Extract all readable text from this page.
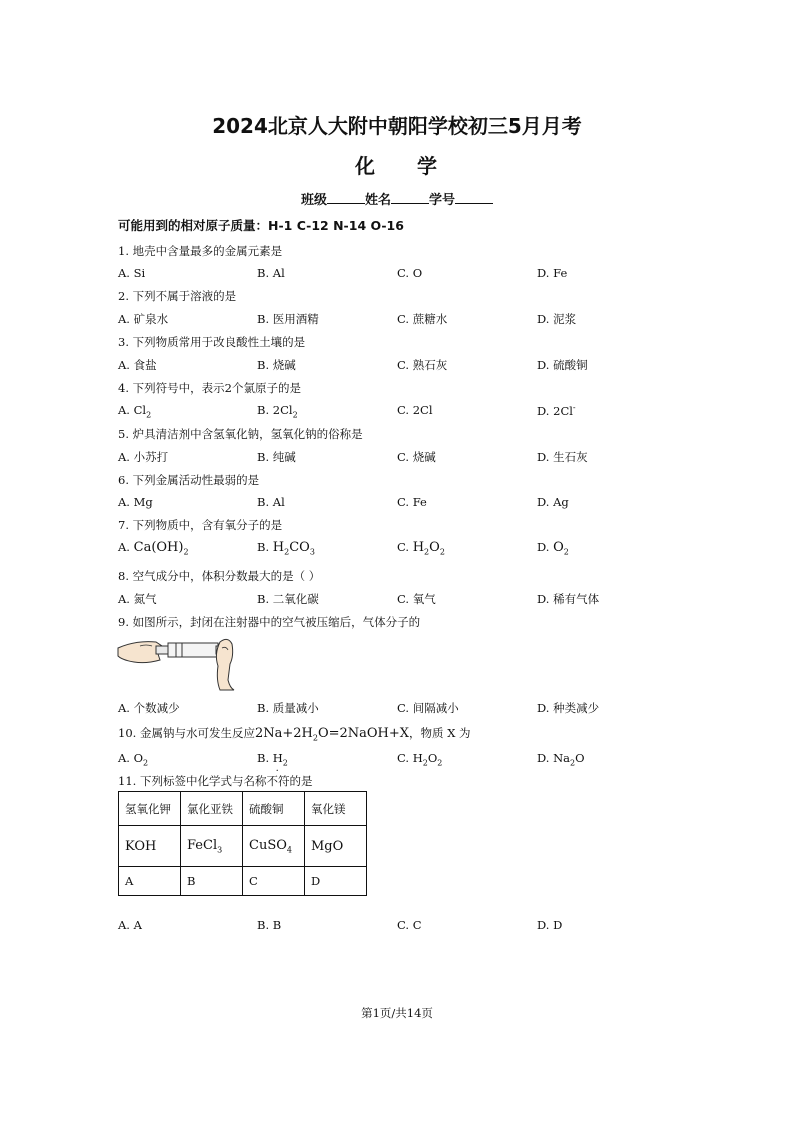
2024北京人大附中朝阳学校初三5月月考
化 学
班级	姓名	学号
可能用到的相对原子质量：H-1 C-12 N-14 O-16
1. 地壳中含量最多的金属元素是
A. Si	B. Al	C. O	D. Fe
2. 下列不属于溶液的是
A. 矿泉水	B. 医用酒精	C. 蔗糖水	D. 泥浆
3. 下列物质常用于改良酸性土壤的是
A. 食盐	B. 烧碱	C. 熟石灰	D. 硫酸铜
4. 下列符号中，表示2个氯原子的是
A. $Cl_2$	B. $2Cl_2$	C. 2Cl	D. 2Cl-
5. 炉具清洁剂中含氢氧化钠，氢氧化钠的俗称是
A. 小苏打	B. 纯碱	C. 烧碱	D. 生石灰
6. 下列金属活动性最弱的是
A. Mg	B. Al	C. Fe	D. Ag
7. 下列物质中，含有氧分子的是
A. $Ca(OH)_2$	B. $H_2CO_3$	C. $H_2O_2$	D. $O_2$
8. 空气成分中，体积分数最大的是（ ）
A. 氮气	B. 二氧化碳	C. 氧气	D. 稀有气体
9. 如图所示，封闭在注射器中的空气被压缩后，气体分子的
A. 个数减少	B. 质量减小	C. 间隔减小	D. 种类减少
10. 金属钠与水可发生反应$2Na+2H_2O=2NaOH+X$，物质 X 为
A. $O_2$	B. $H_2$	C. $H_2O_2$	D. $Na_2O$
11. 下列标签中化学式与名称不符的是
氢氧化钾	氯化亚铁	硫酸铜	氧化镁
KOH	FeCl$_3$	CuSO$_4$	MgO
A	B	C	D
A. A	B. B	C. C	D. D
第1页/共14页
